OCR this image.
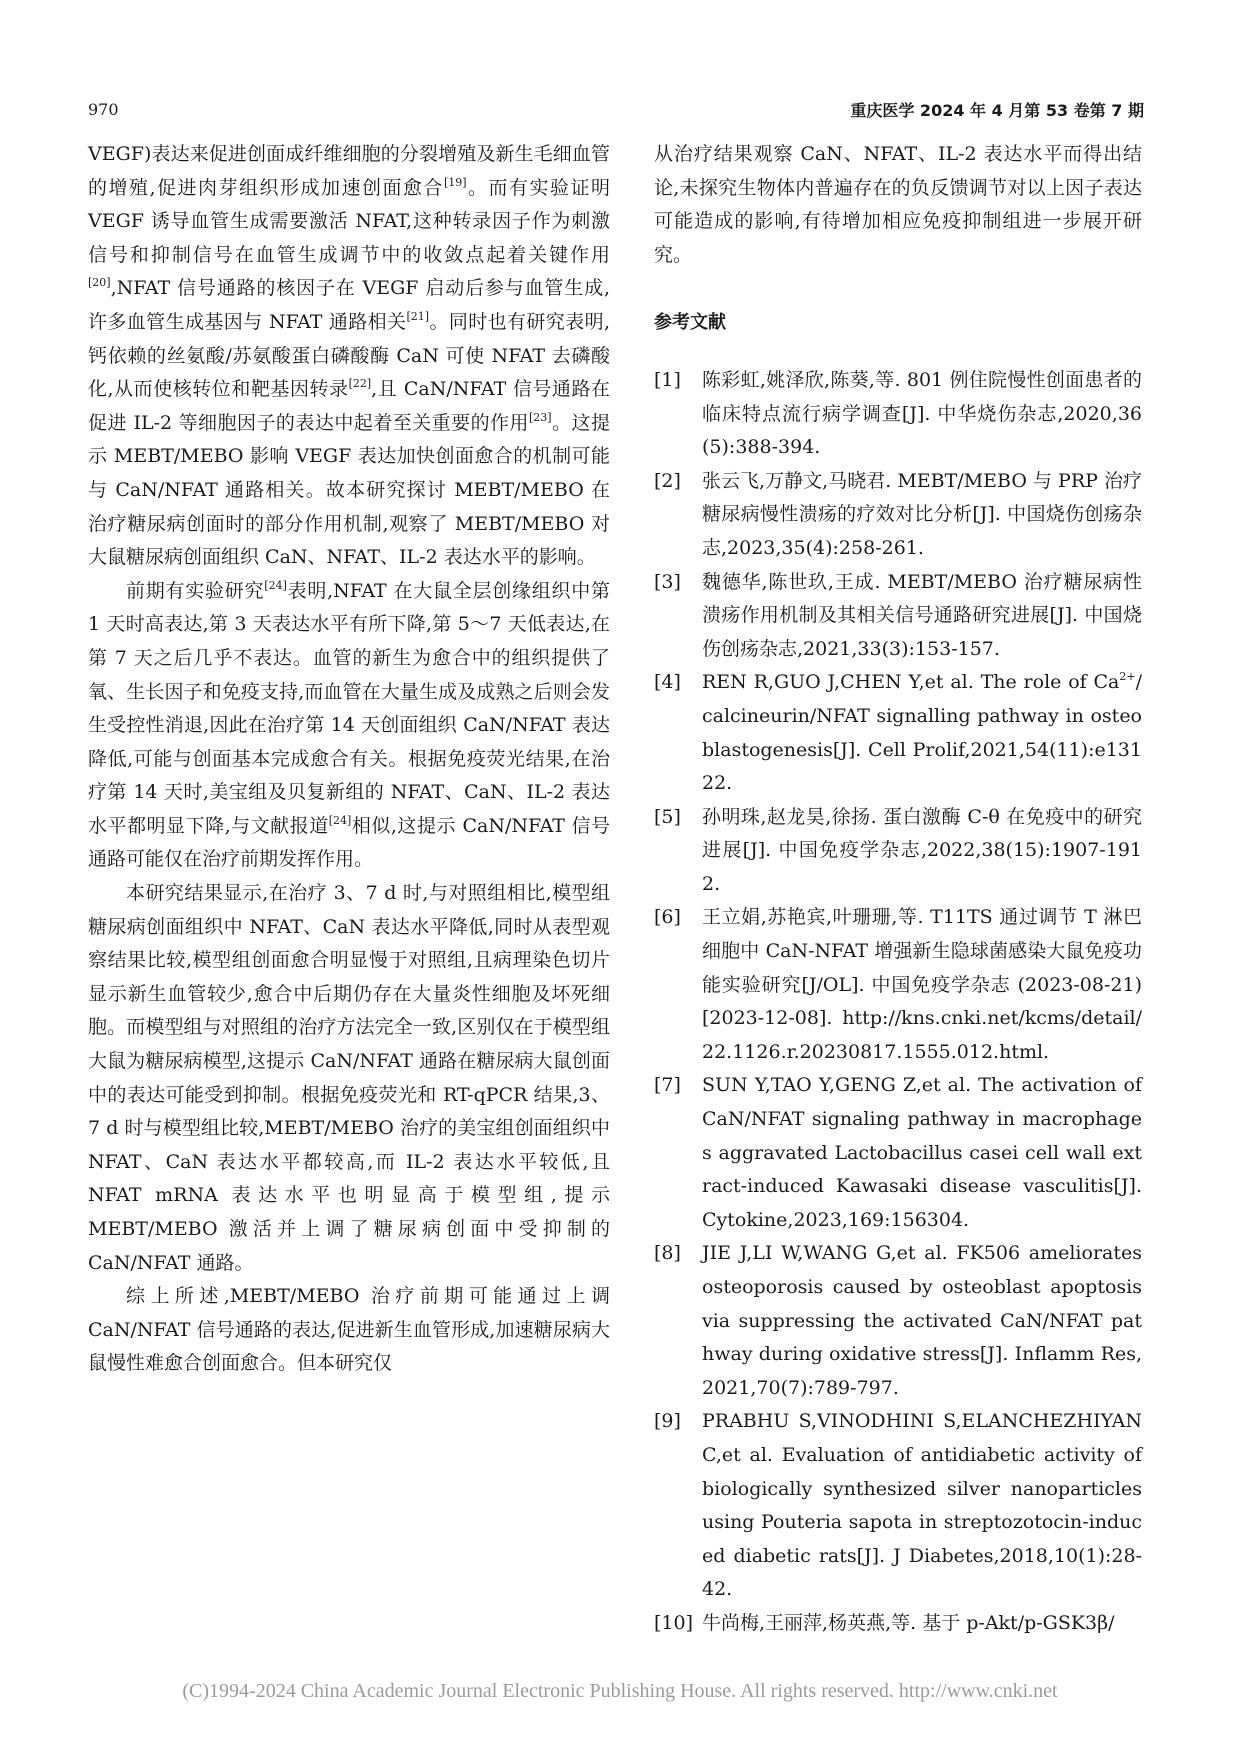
970	重庆医学 2024 年 4 月第 53 卷第 7 期

VEGF)表达来促进创面成纤维细胞的分裂增殖及新生毛细血管的增殖,促进肉芽组织形成加速创面愈合[19]。而有实验证明 VEGF 诱导血管生成需要激活 NFAT,这种转录因子作为刺激信号和抑制信号在血管生成调节中的收敛点起着关键作用[20],NFAT 信号通路的核因子在 VEGF 启动后参与血管生成,许多血管生成基因与 NFAT 通路相关[21]。同时也有研究表明,钙依赖的丝氨酸/苏氨酸蛋白磷酸酶 CaN 可使 NFAT 去磷酸化,从而使核转位和靶基因转录[22],且 CaN/NFAT 信号通路在促进 IL-2 等细胞因子的表达中起着至关重要的作用[23]。这提示 MEBT/MEBO 影响 VEGF 表达加快创面愈合的机制可能与 CaN/NFAT 通路相关。故本研究探讨 MEBT/MEBO 在治疗糖尿病创面时的部分作用机制,观察了 MEBT/MEBO 对大鼠糖尿病创面组织 CaN、NFAT、IL-2 表达水平的影响。

前期有实验研究[24]表明,NFAT 在大鼠全层创缘组织中第 1 天时高表达,第 3 天表达水平有所下降,第 5～7 天低表达,在第 7 天之后几乎不表达。血管的新生为愈合中的组织提供了氧、生长因子和免疫支持,而血管在大量生成及成熟之后则会发生受控性消退,因此在治疗第 14 天创面组织 CaN/NFAT 表达降低,可能与创面基本完成愈合有关。根据免疫荧光结果,在治疗第 14 天时,美宝组及贝复新组的 NFAT、CaN、IL-2 表达水平都明显下降,与文献报道[24]相似,这提示 CaN/NFAT 信号通路可能仅在治疗前期发挥作用。

本研究结果显示,在治疗 3、7 d 时,与对照组相比,模型组糖尿病创面组织中 NFAT、CaN 表达水平降低,同时从表型观察结果比较,模型组创面愈合明显慢于对照组,且病理染色切片显示新生血管较少,愈合中后期仍存在大量炎性细胞及坏死细胞。而模型组与对照组的治疗方法完全一致,区别仅在于模型组大鼠为糖尿病模型,这提示 CaN/NFAT 通路在糖尿病大鼠创面中的表达可能受到抑制。根据免疫荧光和 RT-qPCR 结果,3、7 d 时与模型组比较,MEBT/MEBO 治疗的美宝组创面组织中 NFAT、CaN 表达水平都较高,而 IL-2 表达水平较低,且 NFAT mRNA 表达水平也明显高于模型组,提示 MEBT/MEBO 激活并上调了糖尿病创面中受抑制的 CaN/NFAT 通路。

综上所述,MEBT/MEBO 治疗前期可能通过上调 CaN/NFAT 信号通路的表达,促进新生血管形成,加速糖尿病大鼠慢性难愈合创面愈合。但本研究仅

从治疗结果观察 CaN、NFAT、IL-2 表达水平而得出结论,未探究生物体内普遍存在的负反馈调节对以上因子表达可能造成的影响,有待增加相应免疫抑制组进一步展开研究。

参考文献
[1]	陈彩虹,姚泽欣,陈葵,等. 801 例住院慢性创面患者的临床特点流行病学调查[J]. 中华烧伤杂志,2020,36(5):388-394.
[2]	张云飞,万静文,马晓君. MEBT/MEBO 与 PRP 治疗糖尿病慢性溃疡的疗效对比分析[J]. 中国烧伤创疡杂志,2023,35(4):258-261.
[3]	魏德华,陈世玖,王成. MEBT/MEBO 治疗糖尿病性溃疡作用机制及其相关信号通路研究进展[J]. 中国烧伤创疡杂志,2021,33(3):153-157.
[4]	REN R,GUO J,CHEN Y,et al. The role of $Ca^{2+}/calcineurin$/NFAT signalling pathway in osteoblastogenesis[J]. Cell Prolif,2021,54(11):e13122.
[5]	孙明珠,赵龙昊,徐扬. 蛋白激酶 C-θ 在免疫中的研究进展[J]. 中国免疫学杂志,2022,38(15):1907-1912.
[6]	王立娟,苏艳宾,叶珊珊,等. T11TS 通过调节 T 淋巴细胞中 CaN-NFAT 增强新生隐球菌感染大鼠免疫功能实验研究[J/OL]. 中国免疫学杂志 (2023-08-21)[2023-12-08]. http://kns.cnki.net/kcms/detail/22.1126.r.20230817.1555.012.html.
[7]	SUN Y,TAO Y,GENG Z,et al. The activation of CaN/NFAT signaling pathway in macrophages aggravated Lactobacillus casei cell wall extract-induced Kawasaki disease vasculitis[J]. Cytokine,2023,169:156304.
[8]	JIE J,LI W,WANG G,et al. FK506 ameliorates osteoporosis caused by osteoblast apoptosis via suppressing the activated CaN/NFAT pathway during oxidative stress[J]. Inflamm Res,2021,70(7):789-797.
[9]	PRABHU S,VINODHINI S,ELANCHEZHIYAN C,et al. Evaluation of antidiabetic activity of biologically synthesized silver nanoparticles using Pouteria sapota in streptozotocin-induced diabetic rats[J]. J Diabetes,2018,10(1):28-42.
[10] 牛尚梅,王丽萍,杨英燕,等. 基于 p-Akt/p-GSK3β/
(C)1994-2024 China Academic Journal Electronic Publishing House. All rights reserved. http://www.cnki.net
